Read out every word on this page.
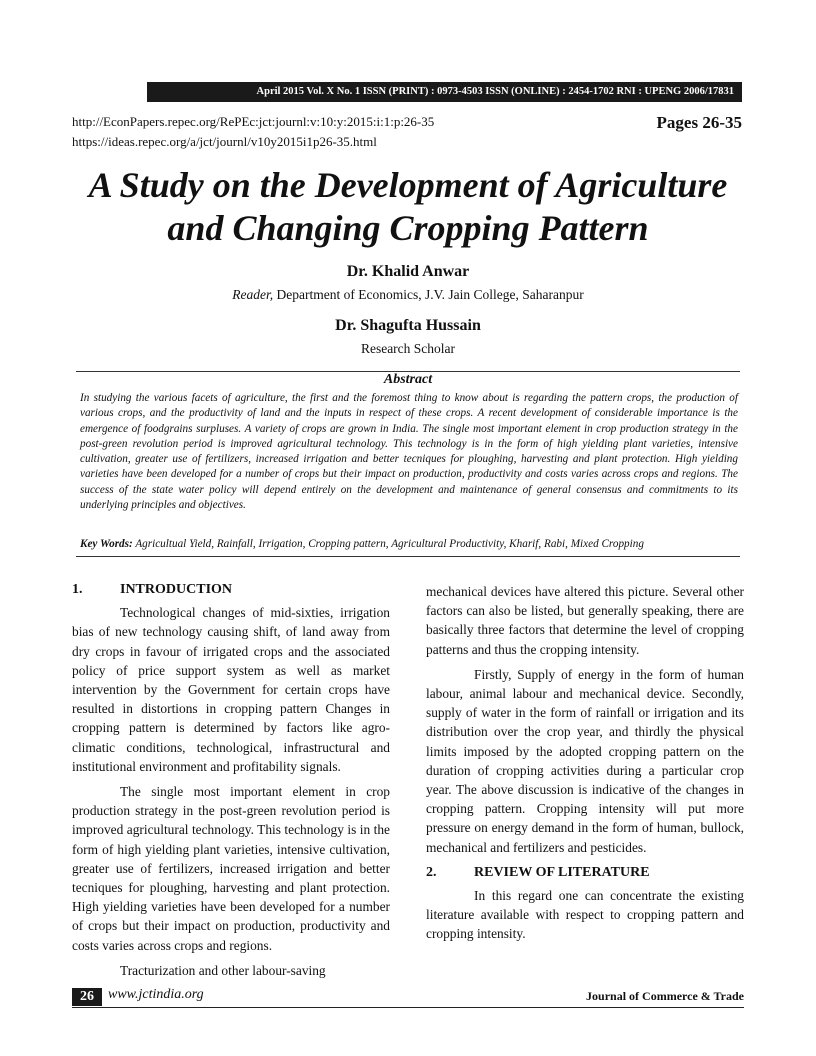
April 2015 Vol. X No. 1 ISSN (PRINT) : 0973-4503 ISSN (ONLINE) : 2454-1702 RNI : UPENG 2006/17831
http://EconPapers.repec.org/RePEc:jct:journl:v:10:y:2015:i:1:p:26-35
https://ideas.repec.org/a/jct/journl/v10y2015i1p26-35.html
Pages 26-35
A Study on the Development of Agriculture and Changing Cropping Pattern
Dr. Khalid Anwar
Reader, Department of Economics, J.V. Jain College, Saharanpur
Dr. Shagufta Hussain
Research Scholar
Abstract

In studying the various facets of agriculture, the first and the foremost thing to know about is regarding the pattern crops, the production of various crops, and the productivity of land and the inputs in respect of these crops. A recent development of considerable importance is the emergence of foodgrains surpluses. A variety of crops are grown in India. The single most important element in crop production strategy in the post-green revolution period is improved agricultural technology. This technology is in the form of high yielding plant varieties, intensive cultivation, greater use of fertilizers, increased irrigation and better tecniques for ploughing, harvesting and plant protection. High yielding varieties have been developed for a number of crops but their impact on production, productivity and costs varies across crops and regions. The success of the state water policy will depend entirely on the development and maintenance of general consensus and commitments to its underlying principles and objectives.

Key Words: Agricultual Yield, Rainfall, Irrigation, Cropping pattern, Agricultural Productivity, Kharif, Rabi, Mixed Cropping

1.	INTRODUCTION

Technological changes of mid-sixties, irrigation bias of new technology causing shift, of land away from dry crops in favour of irrigated crops and the associated policy of price support system as well as market intervention by the Government for certain crops have resulted in distortions in cropping pattern Changes in cropping pattern is determined by factors like agro-climatic conditions, technological, infrastructural and institutional environment and profitability signals.

The single most important element in crop production strategy in the post-green revolution period is improved agricultural technology. This technology is in the form of high yielding plant varieties, intensive cultivation, greater use of fertilizers, increased irrigation and better tecniques for ploughing, harvesting and plant protection. High yielding varieties have been developed for a number of crops but their impact on production, productivity and costs varies across crops and regions.

Tracturization and other labour-saving

mechanical devices have altered this picture. Several other factors can also be listed, but generally speaking, there are basically three factors that determine the level of cropping patterns and thus the cropping intensity.

Firstly, Supply of energy in the form of human labour, animal labour and mechanical device. Secondly, supply of water in the form of rainfall or irrigation and its distribution over the crop year, and thirdly the physical limits imposed by the adopted cropping pattern on the duration of cropping activities during a particular crop year. The above discussion is indicative of the changes in cropping pattern. Cropping intensity will put more pressure on energy demand in the form of human, bullock, mechanical and fertilizers and pesticides.

2.	REVIEW OF LITERATURE

In this regard one can concentrate the existing literature available with respect to cropping pattern and cropping intensity.

26	www.jctindia.org	Journal of Commerce & Trade
